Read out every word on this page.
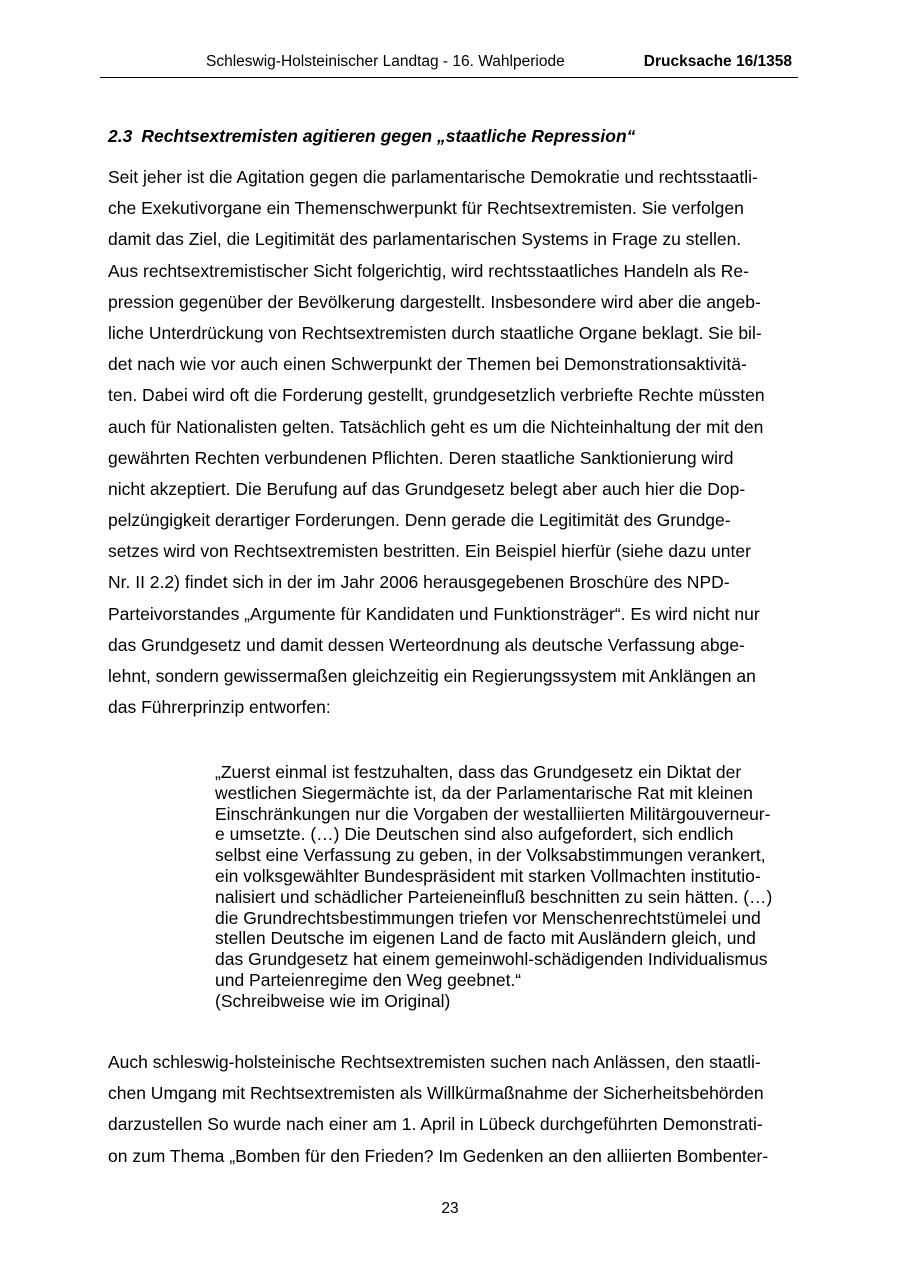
Schleswig-Holsteinischer Landtag - 16. Wahlperiode	Drucksache 16/1358
2.3 Rechtsextremisten agitieren gegen „staatliche Repression“
Seit jeher ist die Agitation gegen die parlamentarische Demokratie und rechtsstaatli-
che Exekutivorgane ein Themenschwerpunkt für Rechtsextremisten. Sie verfolgen
damit das Ziel, die Legitimität des parlamentarischen Systems in Frage zu stellen.
Aus rechtsextremistischer Sicht folgerichtig, wird rechtsstaatliches Handeln als Re-
pression gegenüber der Bevölkerung dargestellt. Insbesondere wird aber die angeb-
liche Unterdrückung von Rechtsextremisten durch staatliche Organe beklagt. Sie bil-
det nach wie vor auch einen Schwerpunkt der Themen bei Demonstrationsaktivitä-
ten. Dabei wird oft die Forderung gestellt, grundgesetzlich verbriefte Rechte müssten
auch für Nationalisten gelten. Tatsächlich geht es um die Nichteinhaltung der mit den
gewährten Rechten verbundenen Pflichten. Deren staatliche Sanktionierung wird
nicht akzeptiert. Die Berufung auf das Grundgesetz belegt aber auch hier die Dop-
pelzüngigkeit derartiger Forderungen. Denn gerade die Legitimität des Grundge-
setzes wird von Rechtsextremisten bestritten. Ein Beispiel hierfür (siehe dazu unter
Nr. II 2.2) findet sich in der im Jahr 2006 herausgegebenen Broschüre des NPD-
Parteivorstandes „Argumente für Kandidaten und Funktionsträger“. Es wird nicht nur
das Grundgesetz und damit dessen Werteordnung als deutsche Verfassung abge-
lehnt, sondern gewissermaßen gleichzeitig ein Regierungssystem mit Anklängen an
das Führerprinzip entworfen:
„Zuerst einmal ist festzuhalten, dass das Grundgesetz ein Diktat der
westlichen Siegermächte ist, da der Parlamentarische Rat mit kleinen
Einschränkungen nur die Vorgaben der westalliierten Militärgouverneur-
e umsetzte. (…) Die Deutschen sind also aufgefordert, sich endlich
selbst eine Verfassung zu geben, in der Volksabstimmungen verankert,
ein volksgewählter Bundespräsident mit starken Vollmachten institutio-
nalisiert und schädlicher Parteieneinfluß beschnitten zu sein hätten. (…)
die Grundrechtsbestimmungen triefen vor Menschenrechtstümelei und
stellen Deutsche im eigenen Land de facto mit Ausländern gleich, und
das Grundgesetz hat einem gemeinwohl-schädigenden Individualismus
und Parteienregime den Weg geebnet.“
(Schreibweise wie im Original)
Auch schleswig-holsteinische Rechtsextremisten suchen nach Anlässen, den staatli-
chen Umgang mit Rechtsextremisten als Willkürmaßnahme der Sicherheitsbehörden
darzustellen So wurde nach einer am 1. April in Lübeck durchgeführten Demonstrati-
on zum Thema „Bomben für den Frieden? Im Gedenken an den alliierten Bombenter-
23
